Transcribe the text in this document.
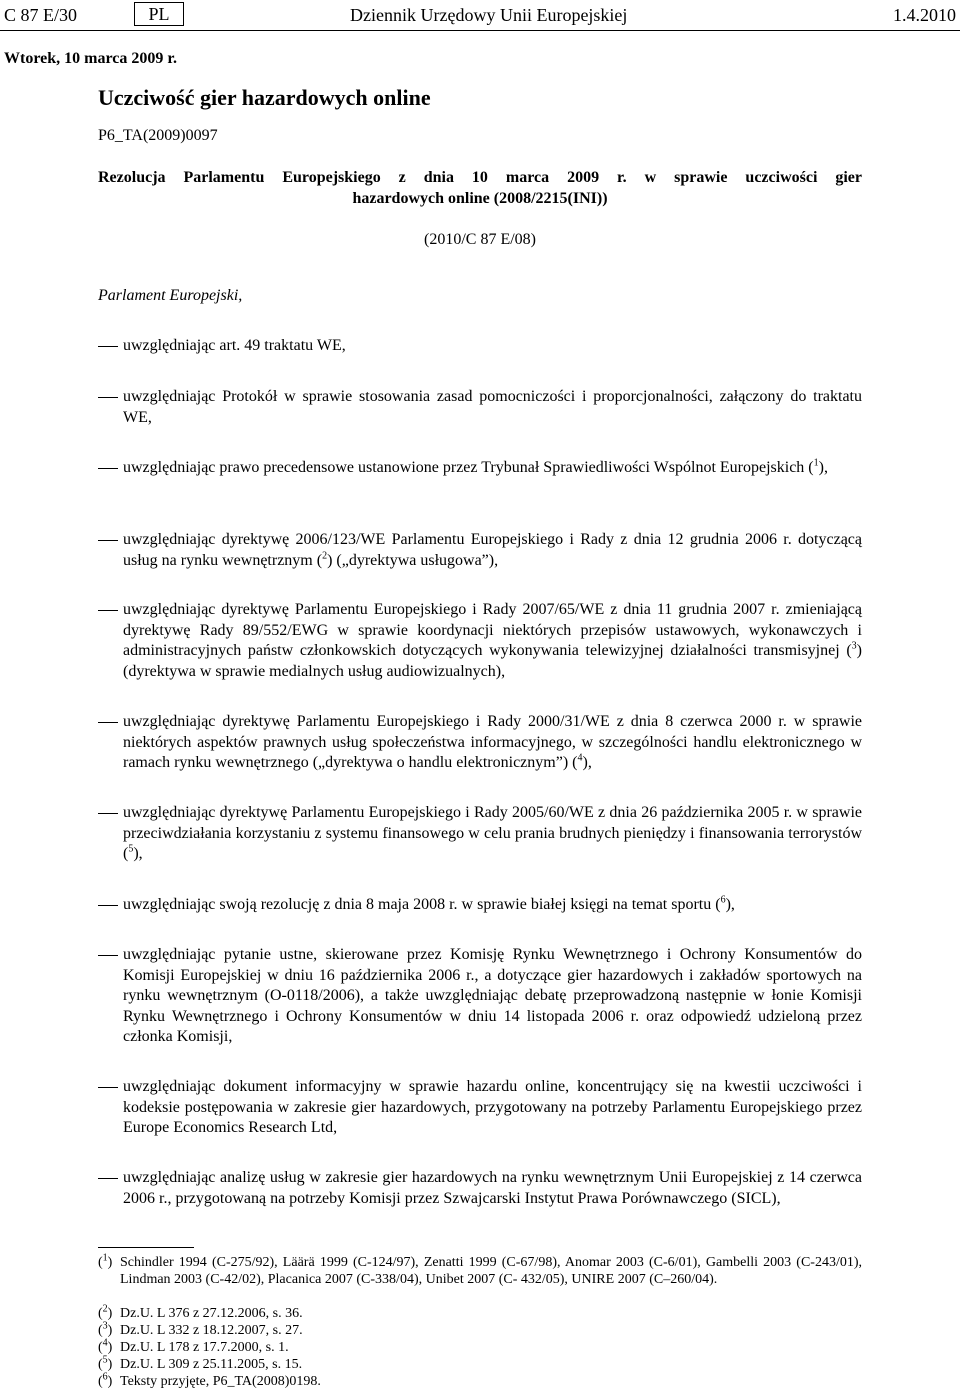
C 87 E/30	PL	Dziennik Urzędowy Unii Europejskiej	1.4.2010
Wtorek, 10 marca 2009 r.
Uczciwość gier hazardowych online
P6_TA(2009)0097
Rezolucja Parlamentu Europejskiego z dnia 10 marca 2009 r. w sprawie uczciwości gier
hazardowych online (2008/2215(INI))
(2010/C 87 E/08)
Parlament Europejski,
uwzględniając art. 49 traktatu WE,
uwzględniając Protokół w sprawie stosowania zasad pomocniczości i proporcjonalności, załączony do traktatu WE,
uwzględniając prawo precedensowe ustanowione przez Trybunał Sprawiedliwości Wspólnot Europejskich ($^1$),
uwzględniając dyrektywę 2006/123/WE Parlamentu Europejskiego i Rady z dnia 12 grudnia 2006 r. dotyczącą usług na rynku wewnętrznym ($^2$) („dyrektywa usługowa”),
uwzględniając dyrektywę Parlamentu Europejskiego i Rady 2007/65/WE z dnia 11 grudnia 2007 r. zmieniającą dyrektywę Rady 89/552/EWG w sprawie koordynacji niektórych przepisów ustawowych, wykonawczych i administracyjnych państw członkowskich dotyczących wykonywania telewizyjnej działalności transmisyjnej ($^3$) (dyrektywa w sprawie medialnych usług audiowizualnych),
uwzględniając dyrektywę Parlamentu Europejskiego i Rady 2000/31/WE z dnia 8 czerwca 2000 r. w sprawie niektórych aspektów prawnych usług społeczeństwa informacyjnego, w szczególności handlu elektronicznego w ramach rynku wewnętrznego („dyrektywa o handlu elektronicznym”) ($^4$),
uwzględniając dyrektywę Parlamentu Europejskiego i Rady 2005/60/WE z dnia 26 października 2005 r. w sprawie przeciwdziałania korzystaniu z systemu finansowego w celu prania brudnych pieniędzy i finansowania terrorystów ($^5$),
uwzględniając swoją rezolucję z dnia 8 maja 2008 r. w sprawie białej księgi na temat sportu ($^6$),
uwzględniając pytanie ustne, skierowane przez Komisję Rynku Wewnętrznego i Ochrony Konsumentów do Komisji Europejskiej w dniu 16 października 2006 r., a dotyczące gier hazardowych i zakładów sportowych na rynku wewnętrznym (O-0118/2006), a także uwzględniając debatę przeprowadzoną następnie w łonie Komisji Rynku Wewnętrznego i Ochrony Konsumentów w dniu 14 listopada 2006 r. oraz odpowiedź udzieloną przez członka Komisji,
uwzględniając dokument informacyjny w sprawie hazardu online, koncentrujący się na kwestii uczciwości i kodeksie postępowania w zakresie gier hazardowych, przygotowany na potrzeby Parlamentu Europejskiego przez Europe Economics Research Ltd,
uwzględniając analizę usług w zakresie gier hazardowych na rynku wewnętrznym Unii Europejskiej z 14 czerwca 2006 r., przygotowaną na potrzeby Komisji przez Szwajcarski Instytut Prawa Porównawczego (SICL),
($^1$) Schindler 1994 (C-275/92), Läärä 1999 (C-124/97), Zenatti 1999 (C-67/98), Anomar 2003 (C-6/01), Gambelli 2003 (C-243/01), Lindman 2003 (C-42/02), Placanica 2007 (C-338/04), Unibet 2007 (C- 432/05), UNIRE 2007 (C–260/04).
($^2$) Dz.U. L 376 z 27.12.2006, s. 36.
($^3$) Dz.U. L 332 z 18.12.2007, s. 27.
($^4$) Dz.U. L 178 z 17.7.2000, s. 1.
($^5$) Dz.U. L 309 z 25.11.2005, s. 15.
($^6$) Teksty przyjęte, P6_TA(2008)0198.
